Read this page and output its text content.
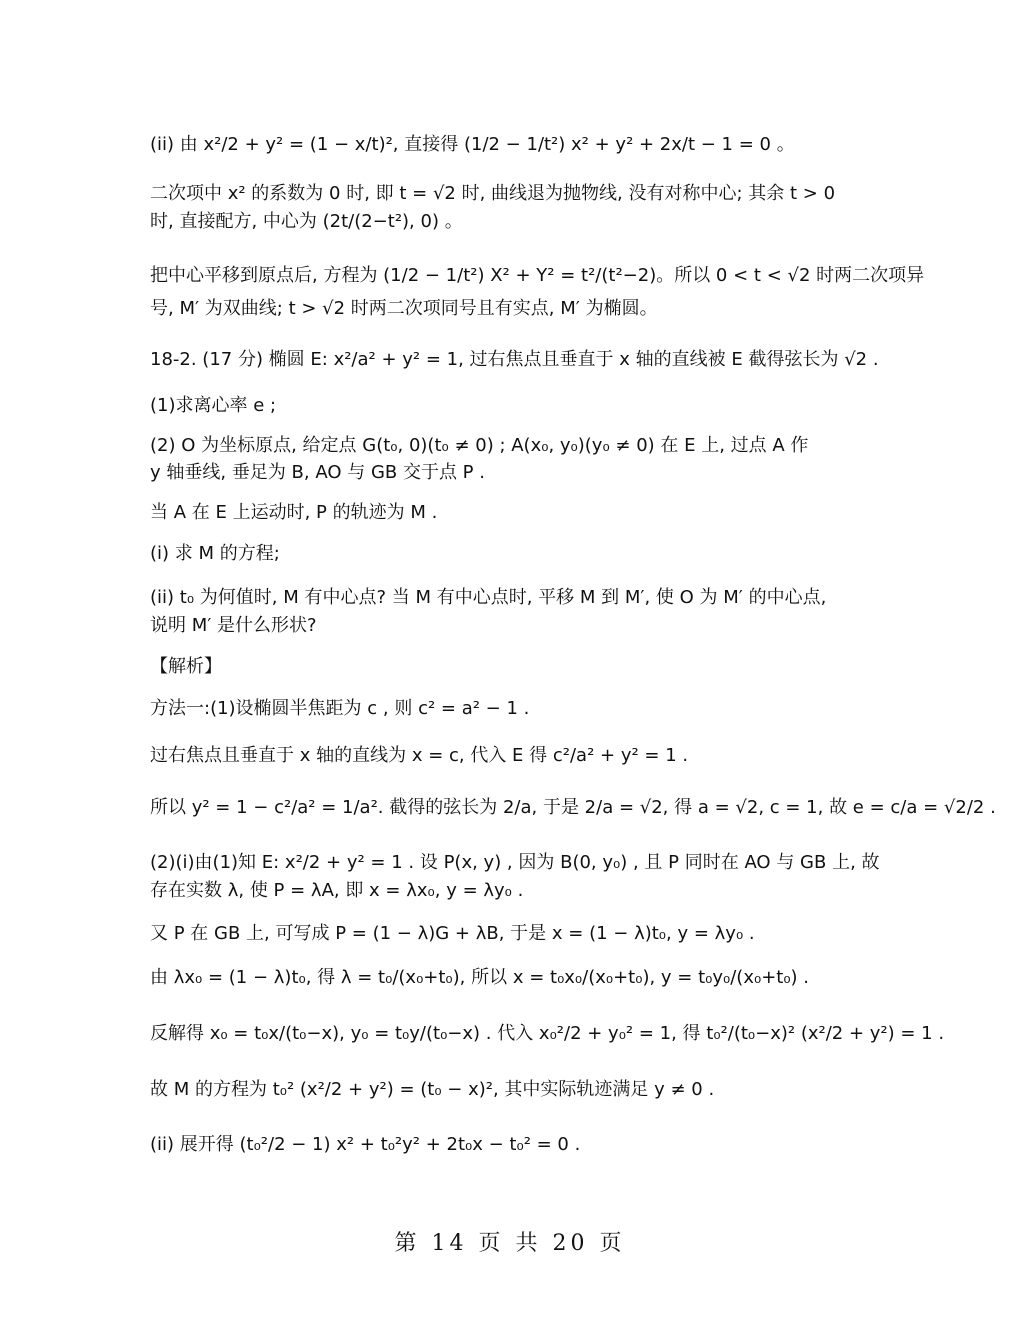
(ii) 由 x²/2 + y² = (1 − x/t)², 直接得 (1/2 − 1/t²) x² + y² + 2x/t − 1 = 0 。
二次项中 x² 的系数为 0 时, 即 t = √2 时, 曲线退为抛物线, 没有对称中心; 其余 t > 0
时, 直接配方, 中心为 (2t/(2−t²), 0) 。
把中心平移到原点后, 方程为 (1/2 − 1/t²) X² + Y² = t²/(t²−2)。所以 0 < t < √2 时两二次项异
号, M′ 为双曲线; t > √2 时两二次项同号且有实点, M′ 为椭圆。
18-2. (17 分) 椭圆 E: x²/a² + y² = 1, 过右焦点且垂直于 x 轴的直线被 E 截得弦长为 √2 .
(1)求离心率 e ;
(2) O 为坐标原点, 给定点 G(t₀, 0)(t₀ ≠ 0) ; A(x₀, y₀)(y₀ ≠ 0) 在 E 上, 过点 A 作
y 轴垂线, 垂足为 B, AO 与 GB 交于点 P .
当 A 在 E 上运动时, P 的轨迹为 M .
(i) 求 M 的方程;
(ii) t₀ 为何值时, M 有中心点? 当 M 有中心点时, 平移 M 到 M′, 使 O 为 M′ 的中心点,
说明 M′ 是什么形状?
【解析】
方法一:(1)设椭圆半焦距为 c , 则 c² = a² − 1 .
过右焦点且垂直于 x 轴的直线为 x = c, 代入 E 得 c²/a² + y² = 1 .
所以 y² = 1 − c²/a² = 1/a². 截得的弦长为 2/a, 于是 2/a = √2, 得 a = √2, c = 1, 故 e = c/a = √2/2 .
(2)(i)由(1)知 E: x²/2 + y² = 1 . 设 P(x, y) , 因为 B(0, y₀) , 且 P 同时在 AO 与 GB 上, 故
存在实数 λ, 使 P = λA, 即 x = λx₀, y = λy₀ .
又 P 在 GB 上, 可写成 P = (1 − λ)G + λB, 于是 x = (1 − λ)t₀, y = λy₀ .
由 λx₀ = (1 − λ)t₀, 得 λ = t₀/(x₀+t₀), 所以 x = t₀x₀/(x₀+t₀), y = t₀y₀/(x₀+t₀) .
反解得 x₀ = t₀x/(t₀−x), y₀ = t₀y/(t₀−x) . 代入 x₀²/2 + y₀² = 1, 得 t₀²/(t₀−x)² (x²/2 + y²) = 1 .
故 M 的方程为 t₀² (x²/2 + y²) = (t₀ − x)², 其中实际轨迹满足 y ≠ 0 .
(ii) 展开得 (t₀²/2 − 1) x² + t₀²y² + 2t₀x − t₀² = 0 .
第 14 页 共 20 页
